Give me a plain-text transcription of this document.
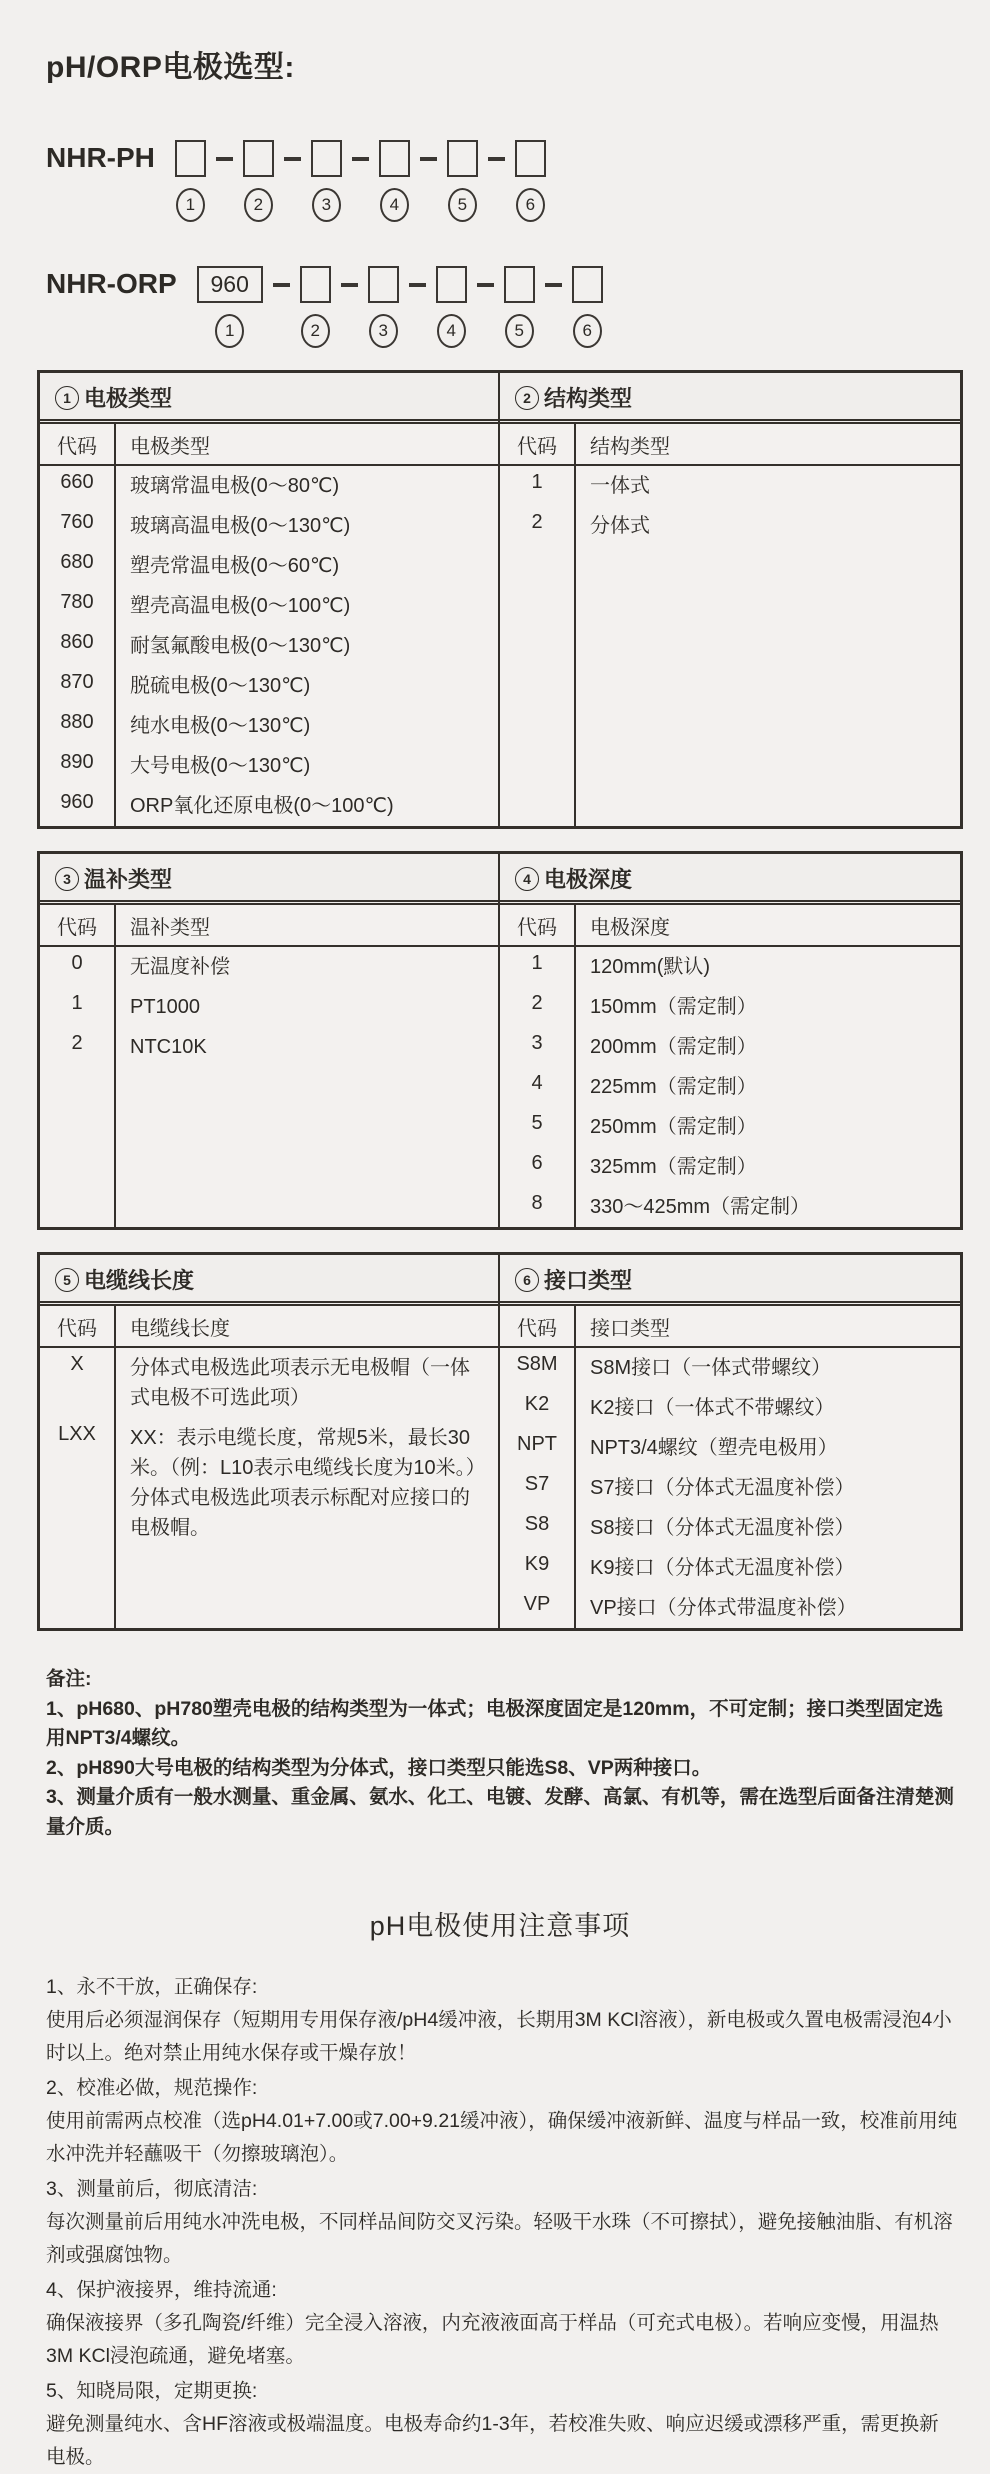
pH/ORP电极选型:
NHR-PH
1	2	3	4	5	6
NHR-ORP	960
1	2	3	4	5	6
1 电极类型
代码	电极类型
660	玻璃常温电极(0～80℃)
760	玻璃高温电极(0～130℃)
680	塑壳常温电极(0～60℃)
780	塑壳高温电极(0～100℃)
860	耐氢氟酸电极(0～130℃)
870	脱硫电极(0～130℃)
880	纯水电极(0～130℃)
890	大号电极(0～130℃)
960	ORP氧化还原电极(0～100℃)
2 结构类型
代码	结构类型
1	一体式
2	分体式
3 温补类型
代码	温补类型
0	无温度补偿
1	PT1000
2	NTC10K
4 电极深度
代码	电极深度
1	120mm(默认)
2	150mm（需定制）
3	200mm（需定制）
4	225mm（需定制）
5	250mm（需定制）
6	325mm（需定制）
8	330～425mm（需定制）
5 电缆线长度
代码	电缆线长度
X	分体式电极选此项表示无电极帽（一体式电极不可选此项）
LXX	XX：表示电缆长度，常规5米，最长30米。（例：L10表示电缆线长度为10米。）分体式电极选此项表示标配对应接口的电极帽。
6 接口类型
代码	接口类型
S8M	S8M接口（一体式带螺纹）
K2	K2接口（一体式不带螺纹）
NPT	NPT3/4螺纹（塑壳电极用）
S7	S7接口（分体式无温度补偿）
S8	S8接口（分体式无温度补偿）
K9	K9接口（分体式无温度补偿）
VP	VP接口（分体式带温度补偿）

备注:

1、pH680、pH780塑壳电极的结构类型为一体式；电极深度固定是120mm，不可定制；接口类型固定选用NPT3/4螺纹。

2、pH890大号电极的结构类型为分体式，接口类型只能选S8、VP两种接口。

3、测量介质有一般水测量、重金属、氨水、化工、电镀、发酵、高氯、有机等，需在选型后面备注清楚测量介质。

pH电极使用注意事项

1、永不干放，正确保存:

使用后必须湿润保存（短期用专用保存液/pH4缓冲液，长期用3M KCl溶液），新电极或久置电极需浸泡4小时以上。绝对禁止用纯水保存或干燥存放！

2、校准必做，规范操作:

使用前需两点校准（选pH4.01+7.00或7.00+9.21缓冲液），确保缓冲液新鲜、温度与样品一致，校准前用纯水冲洗并轻蘸吸干（勿擦玻璃泡）。

3、测量前后，彻底清洁:

每次测量前后用纯水冲洗电极，不同样品间防交叉污染。轻吸干水珠（不可擦拭），避免接触油脂、有机溶剂或强腐蚀物。

4、保护液接界，维持流通:

确保液接界（多孔陶瓷/纤维）完全浸入溶液，内充液液面高于样品（可充式电极）。若响应变慢，用温热3M KCl浸泡疏通，避免堵塞。

5、知晓局限，定期更换:

避免测量纯水、含HF溶液或极端温度。电极寿命约1-3年，若校准失败、响应迟缓或漂移严重，需更换新电极。
